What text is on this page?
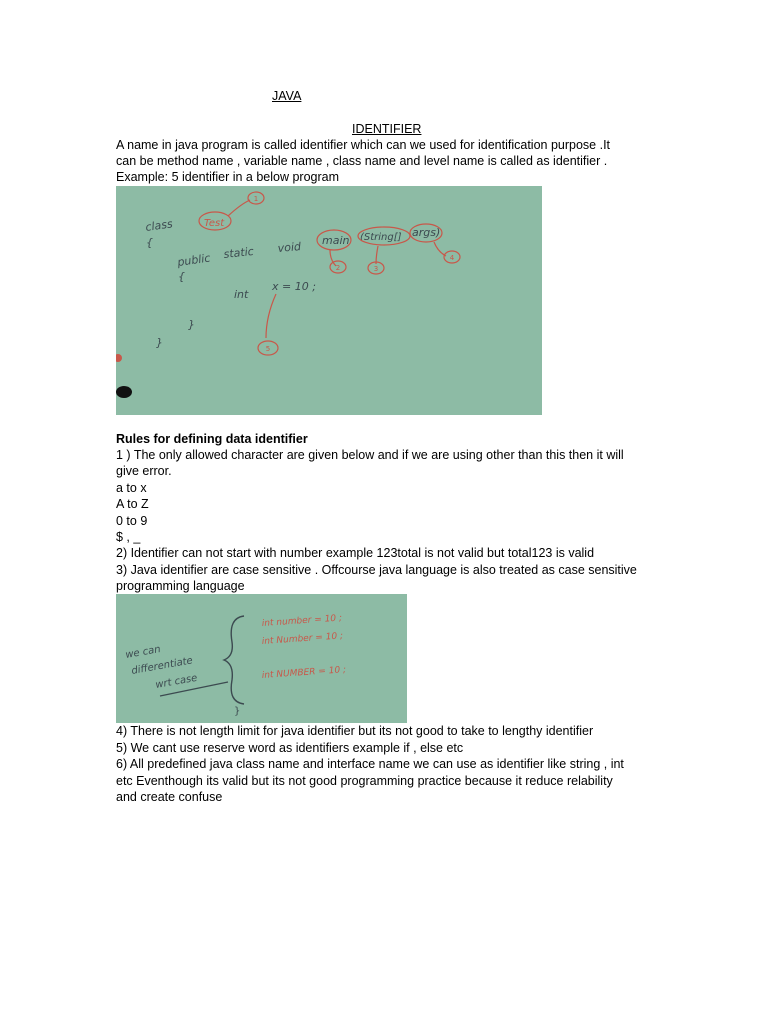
JAVA
IDENTIFIER
A name in java program is called identifier which can we used for identification purpose .It
can be method name , variable name , class name and level name is called as identifier .
Example: 5 identifier in a below program
class	Test
{
public static void main (String[] args)
{
int
x = 10 ;
}
}
1
2	3
4
5
Rules for defining data identifier
1 ) The only allowed character are given below and if we are using other than this then it will
give error.
a to x
A to Z
0 to 9
$ , _
2) Identifier can not start with number example 123total is not valid but total123 is valid
3) Java identifier are case sensitive . Offcourse java language is also treated as case sensitive
programming language
we can
differentiate
wrt case
int number = 10 ;
int Number = 10 ;
int NUMBER = 10 ;
}
4) There is not length limit for java identifier but its not good to take to lengthy identifier
5) We cant use reserve word as identifiers example if , else etc
6) All predefined java class name and interface name we can use as identifier like string , int
etc Eventhough its valid but its not good programming practice because it reduce relability
and create confuse
